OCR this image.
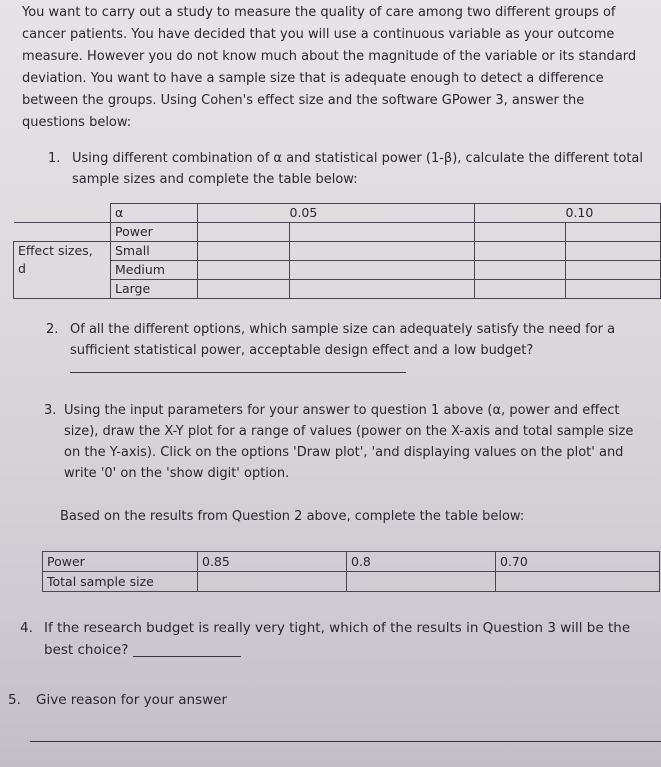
You want to carry out a study to measure the quality of care among two different groups of
cancer patients. You have decided that you will use a continuous variable as your outcome
measure. However you do not know much about the magnitude of the variable or its standard
deviation. You want to have a sample size that is adequate enough to detect a difference
between the groups. Using Cohen's effect size and the software GPower 3, answer the
questions below:
1. Using different combination of α and statistical power (1-β), calculate the different total
sample sizes and complete the table below:
	α		0.05		0.10
	Power				

Effect sizes,
d	Small				
	Medium				
	Large				
2. Of all the different options, which sample size can adequately satisfy the need for a
sufficient statistical power, acceptable design effect and a low budget?
3. Using the input parameters for your answer to question 1 above (α, power and effect
size), draw the X-Y plot for a range of values (power on the X-axis and total sample size
on the Y-axis). Click on the options 'Draw plot', 'and displaying values on the plot' and
write '0' on the 'show digit' option.
Based on the results from Question 2 above, complete the table below:
Power	0.85	0.8	0.70
Total sample size			
4. If the research budget is really very tight, which of the results in Question 3 will be the
best choice?
5. Give reason for your answer
